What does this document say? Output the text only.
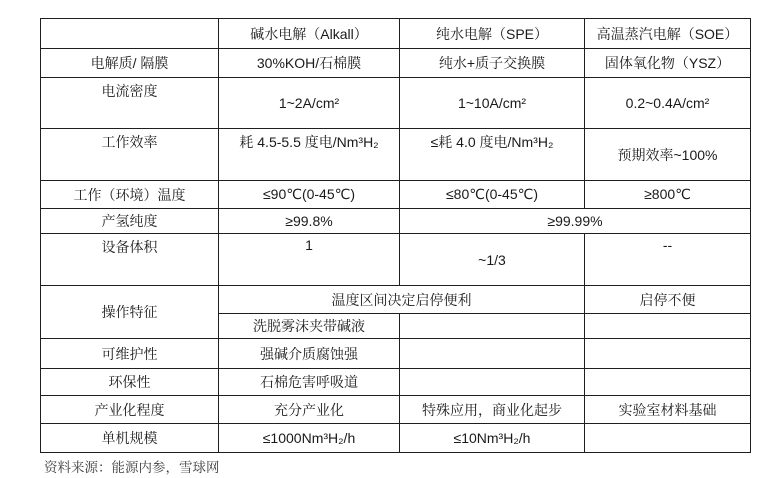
	碱水电解（Alkall）	纯水电解（SPE）	高温蒸汽电解（SOE）
电解质/ 隔膜	30%KOH/石棉膜	纯水+质子交换膜	固体氧化物（YSZ）
电流密度	1~2A/cm²	1~10A/cm²	0.2~0.4A/cm²
工作效率	耗 4.5-5.5 度电/Nm³H₂	≤耗 4.0 度电/Nm³H₂	预期效率~100%
工作（环境）温度	≤90℃(0-45℃)	≤80℃(0-45℃)	≥800℃
产氢纯度	≥99.8%	≥99.99%	
设备体积	1	~1/3	--
操作特征	温度区间决定启停便利		启停不便
	洗脱雾沫夹带碱液		
可维护性	强碱介质腐蚀强		
环保性	石棉危害呼吸道		
产业化程度	充分产业化	特殊应用，商业化起步	实验室材料基础
单机规模	≤1000Nm³H₂/h	≤10Nm³H₂/h	
资料来源：能源内参，雪球网
